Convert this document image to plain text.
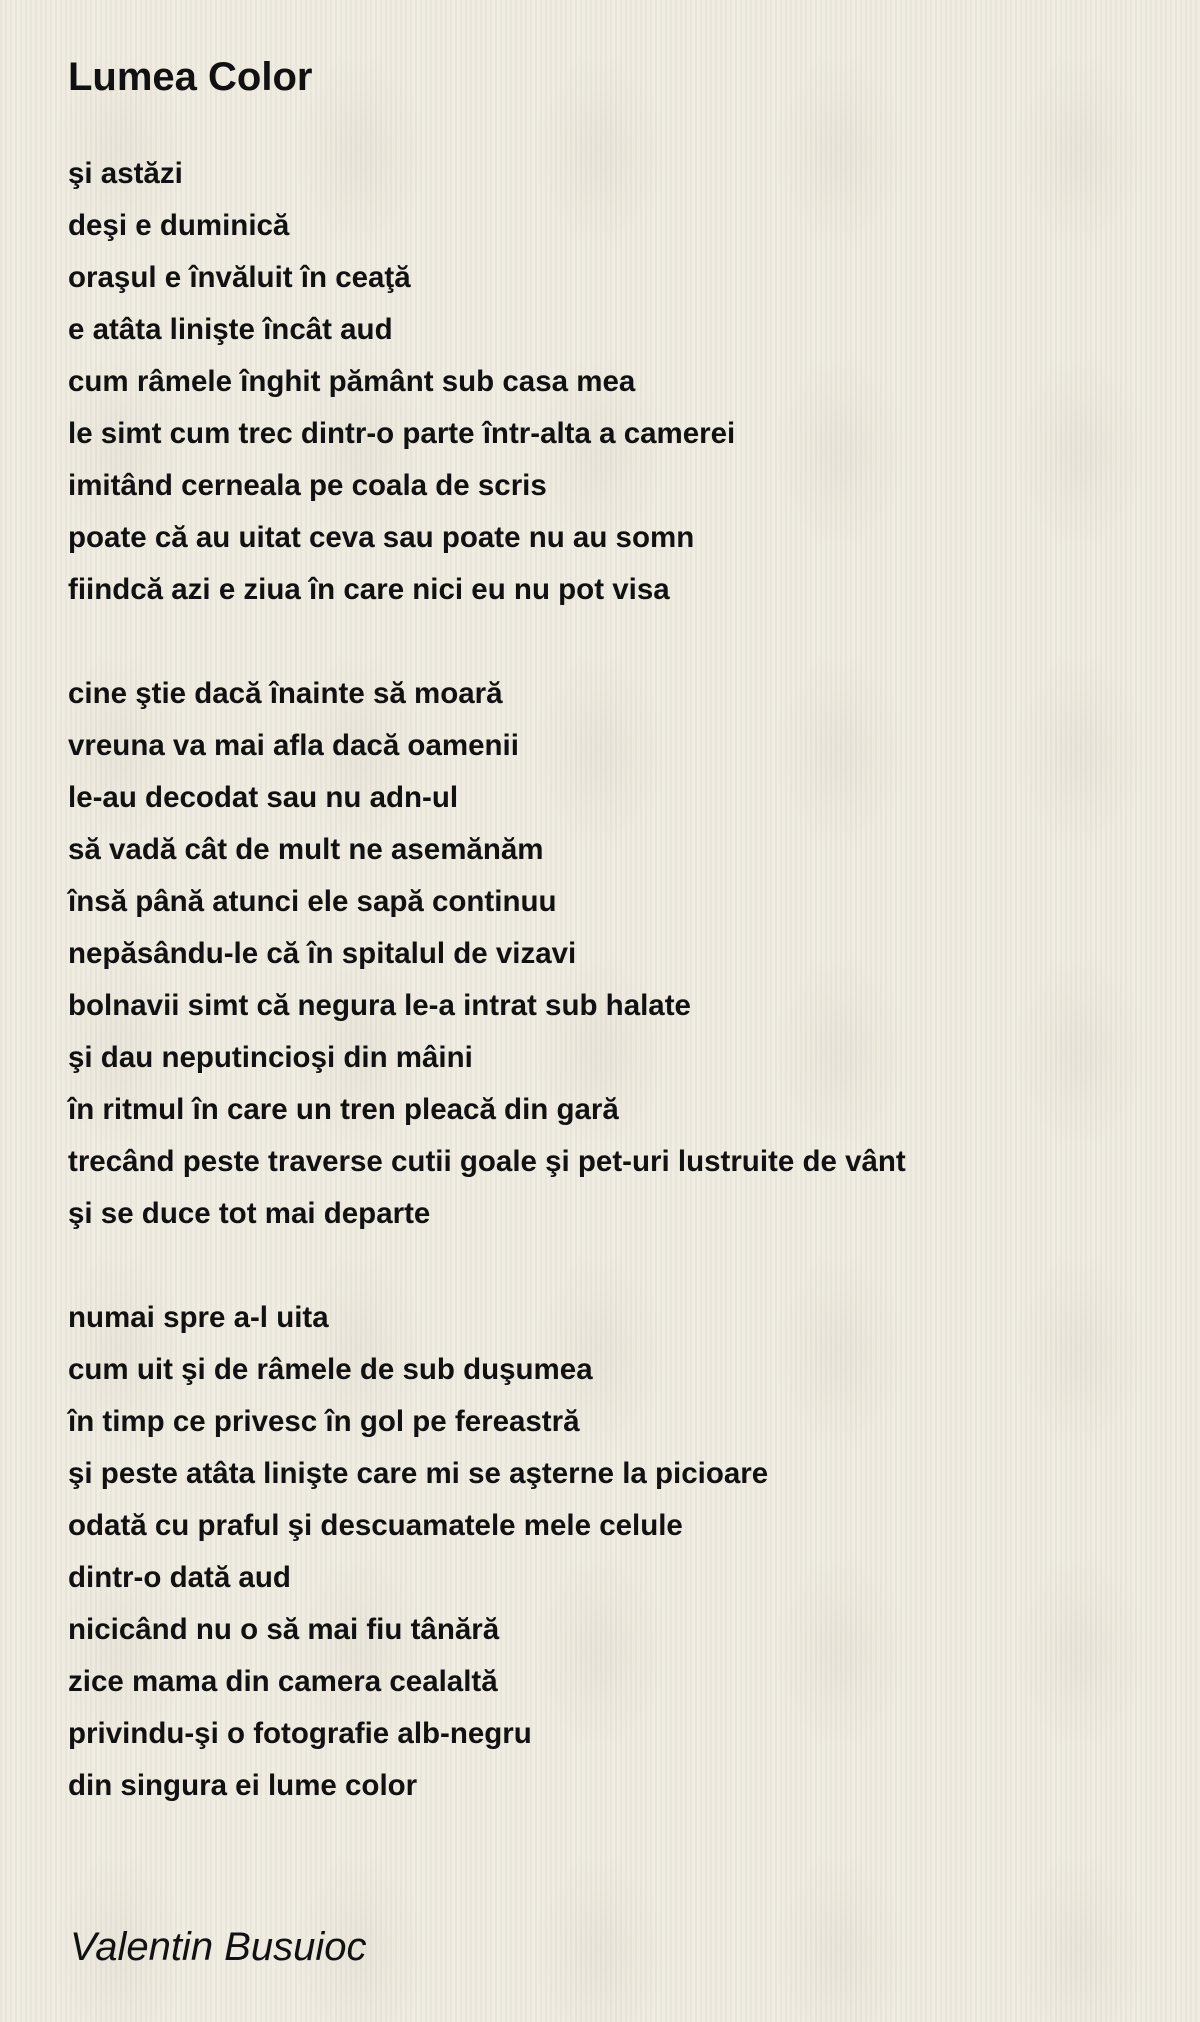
Lumea Color
şi astăzi
deşi e duminică
oraşul e învăluit în ceaţă
e atâta linişte încât aud
cum râmele înghit pământ sub casa mea
le simt cum trec dintr-o parte într-alta a camerei
imitând cerneala pe coala de scris
poate că au uitat ceva sau poate nu au somn
fiindcă azi e ziua în care nici eu nu pot visa
cine ştie dacă înainte să moară
vreuna va mai afla dacă oamenii
le-au decodat sau nu adn-ul
să vadă cât de mult ne asemănăm
însă până atunci ele sapă continuu
nepăsându-le că în spitalul de vizavi
bolnavii simt că negura le-a intrat sub halate
şi dau neputincioşi din mâini
în ritmul în care un tren pleacă din gară
trecând peste traverse cutii goale şi pet-uri lustruite de vânt
şi se duce tot mai departe
numai spre a-l uita
cum uit şi de râmele de sub duşumea
în timp ce privesc în gol pe fereastră
şi peste atâta linişte care mi se aşterne la picioare
odată cu praful şi descuamatele mele celule
dintr-o dată aud
nicicând nu o să mai fiu tânără
zice mama din camera cealaltă
privindu-şi o fotografie alb-negru
din singura ei lume color
Valentin Busuioc
